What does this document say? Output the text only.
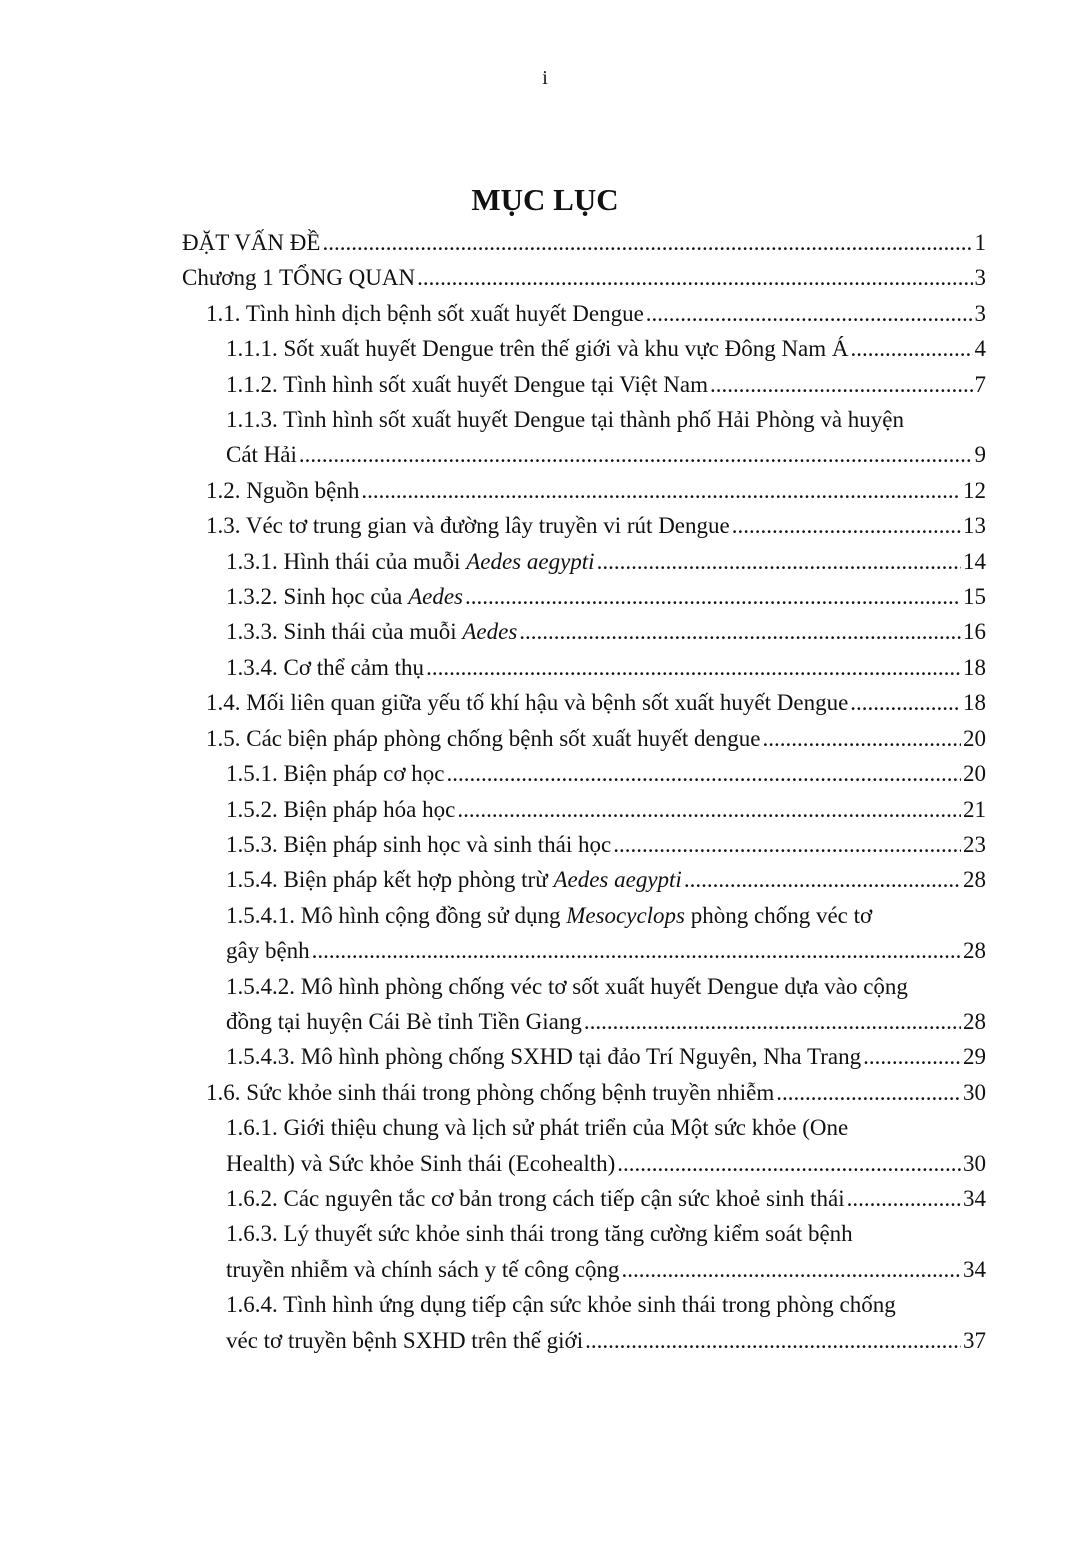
i
MỤC LỤC
ĐẶT VẤN ĐỀ .....	1
Chương 1 TỔNG QUAN .....	3
1.1. Tình hình dịch bệnh sốt xuất huyết Dengue .....	3
1.1.1. Sốt xuất huyết Dengue trên thế giới và khu vực Đông Nam Á .....	4
1.1.2. Tình hình sốt xuất huyết Dengue tại Việt Nam .....	7
1.1.3. Tình hình sốt xuất huyết Dengue tại thành phố Hải Phòng và huyện
Cát Hải .....	9
1.2. Nguồn bệnh .....	12
1.3. Véc tơ trung gian và đường lây truyền vi rút Dengue .....	13
1.3.1. Hình thái của muỗi Aedes aegypti .....	14
1.3.2. Sinh học của Aedes .....	15
1.3.3. Sinh thái của muỗi Aedes .....	16
1.3.4. Cơ thể cảm thụ .....	18
1.4. Mối liên quan giữa yếu tố khí hậu và bệnh sốt xuất huyết Dengue .....	18
1.5. Các biện pháp phòng chống bệnh sốt xuất huyết dengue .....	20
1.5.1. Biện pháp cơ học .....	20
1.5.2. Biện pháp hóa học .....	21
1.5.3. Biện pháp sinh học và sinh thái học .....	23
1.5.4. Biện pháp kết hợp phòng trừ Aedes aegypti .....	28
1.5.4.1. Mô hình cộng đồng sử dụng Mesocyclops phòng chống véc tơ
gây bệnh .....	28
1.5.4.2. Mô hình phòng chống véc tơ sốt xuất huyết Dengue dựa vào cộng
đồng tại huyện Cái Bè tỉnh Tiền Giang .....	28
1.5.4.3. Mô hình phòng chống SXHD tại đảo Trí Nguyên, Nha Trang .....	29
1.6. Sức khỏe sinh thái trong phòng chống bệnh truyền nhiễm .....	30
1.6.1. Giới thiệu chung và lịch sử phát triển của Một sức khỏe (One
Health) và Sức khỏe Sinh thái (Ecohealth) .....	30
1.6.2. Các nguyên tắc cơ bản trong cách tiếp cận sức khoẻ sinh thái .....	34
1.6.3. Lý thuyết sức khỏe sinh thái trong tăng cường kiểm soát bệnh
truyền nhiễm và chính sách y tế công cộng .....	34
1.6.4. Tình hình ứng dụng tiếp cận sức khỏe sinh thái trong phòng chống
véc tơ truyền bệnh SXHD trên thế giới .....	37
